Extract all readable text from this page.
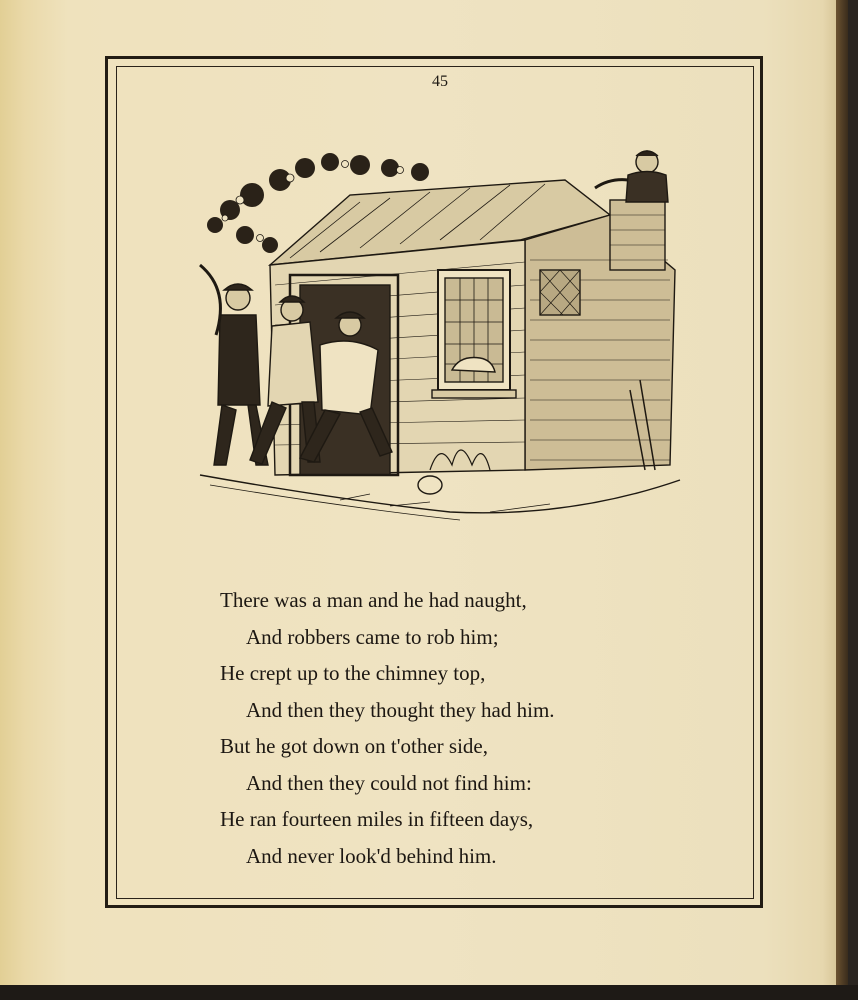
45
There was a man and he had naught,
And robbers came to rob him;
He crept up to the chimney top,
And then they thought they had him.
But he got down on t'other side,
And then they could not find him:
He ran fourteen miles in fifteen days,
And never look'd behind him.
